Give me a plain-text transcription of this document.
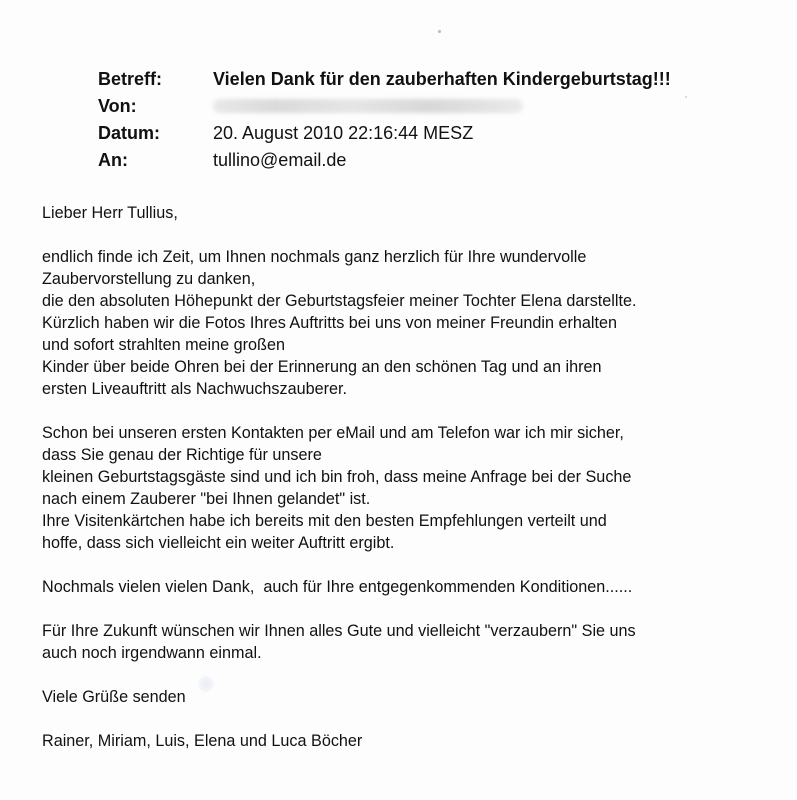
Betreff:	Vielen Dank für den zauberhaften Kindergeburtstag!!!
Von:
Datum:	20. August 2010 22:16:44 MESZ
An:	tullino@email.de
Lieber Herr Tullius,
endlich finde ich Zeit, um Ihnen nochmals ganz herzlich für Ihre wundervolle
Zaubervorstellung zu danken,
die den absoluten Höhepunkt der Geburtstagsfeier meiner Tochter Elena darstellte.
Kürzlich haben wir die Fotos Ihres Auftritts bei uns von meiner Freundin erhalten
und sofort strahlten meine großen
Kinder über beide Ohren bei der Erinnerung an den schönen Tag und an ihren
ersten Liveauftritt als Nachwuchszauberer.
Schon bei unseren ersten Kontakten per eMail und am Telefon war ich mir sicher,
dass Sie genau der Richtige für unsere
kleinen Geburtstagsgäste sind und ich bin froh, dass meine Anfrage bei der Suche
nach einem Zauberer "bei Ihnen gelandet" ist.
Ihre Visitenkärtchen habe ich bereits mit den besten Empfehlungen verteilt und
hoffe, dass sich vielleicht ein weiter Auftritt ergibt.
Nochmals vielen vielen Dank,  auch für Ihre entgegenkommenden Konditionen......
Für Ihre Zukunft wünschen wir Ihnen alles Gute und vielleicht "verzaubern" Sie uns
auch noch irgendwann einmal.
Viele Grüße senden
Rainer, Miriam, Luis, Elena und Luca Böcher
